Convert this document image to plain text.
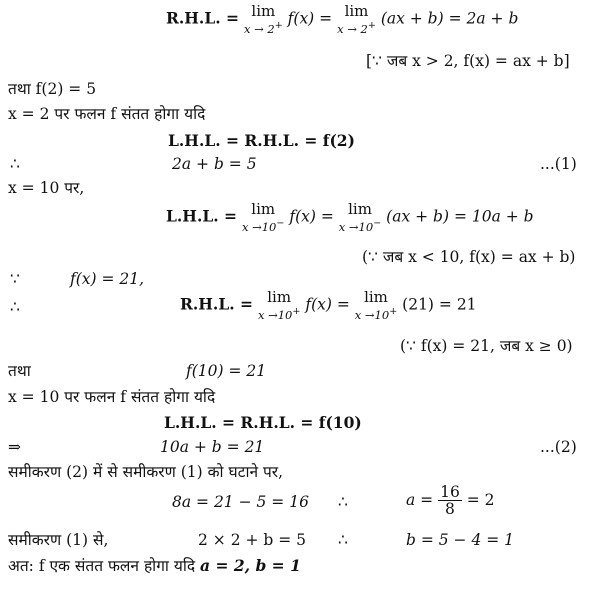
R.H.L. = lim
x → 2+ f(x) = lim
x → 2+ (ax + b) = 2a + b
[∵ जब x > 2, f(x) = ax + b]
तथा f(2) = 5
x = 2 पर फलन f संतत होगा यदि
L.H.L. = R.H.L. = f(2)
∴	2a + b = 5	...(1)
x = 10 पर,
L.H.L. = lim
x →10− f(x) = lim
x →10− (ax + b) = 10a + b
(∵ जब x < 10, f(x) = ax + b)
∵	f(x) = 21,
∴	R.H.L. = lim
x →10+ f(x) = lim
x →10+ (21) = 21
(∵ f(x) = 21, जब x ≥ 0)
तथा	f(10) = 21
x = 10 पर फलन f संतत होगा यदि
L.H.L. = R.H.L. = f(10)
⇒	10a + b = 21	...(2)
समीकरण (2) में से समीकरण (1) को घटाने पर,
8a = 21 − 5 = 16 ∴	$a = \frac{16}{8} = 2$
समीकरण (1) से,	2 × 2 + b = 5 ∴	b = 5 − 4 = 1
अत: f एक संतत फलन होगा यदि a = 2, b = 1
